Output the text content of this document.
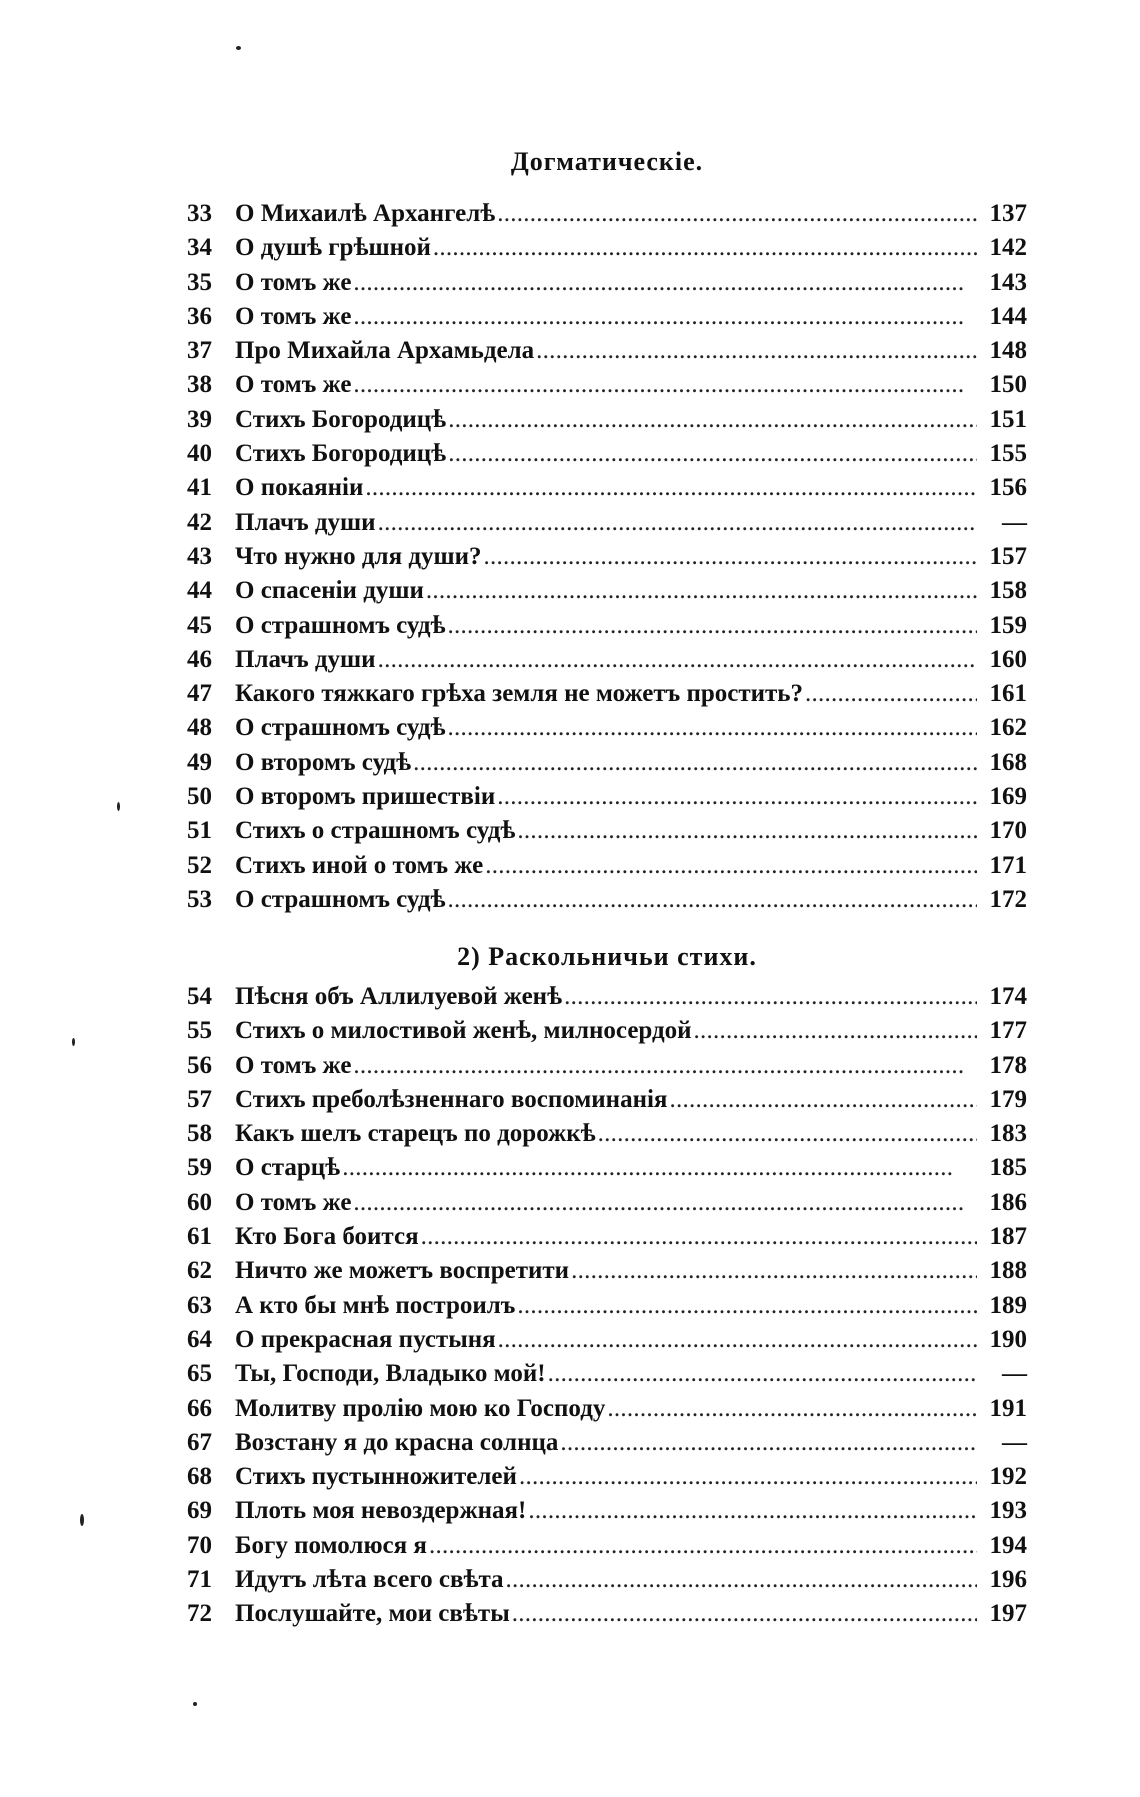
Догматическіе.
33 О Михаилѣ Архангелѣ . . .	137
34 О душѣ грѣшной . . .	142
35 О томъ же . . .	143
36 О томъ же . . .	144
37 Про Михайла Архамьдела . . .	148
38 О томъ же . . .	150
39 Стихъ Богородицѣ . . .	151
40 Стихъ Богородицѣ . . .	155
41 О покаяніи . . .	156
42 Плачъ души . . .	—
43 Что нужно для души? . . .	157
44 О спасеніи души . . .	158
45 О страшномъ судѣ . . .	159
46 Плачъ души . . .	160
47 Какого тяжкаго грѣха земля не можетъ простить? . . .	161
48 О страшномъ судѣ . . .	162
49 О второмъ судѣ . . .	168
50 О второмъ пришествіи . . .	169
51 Стихъ о страшномъ судѣ . . .	170
52 Стихъ иной о томъ же . . .	171
53 О страшномъ судѣ . . .	172
2) Раскольничьи стихи.
54 Пѣсня объ Аллилуевой женѣ . . .	174
55 Стихъ о милостивой женѣ, милносердой . . .	177
56 О томъ же . . .	178
57 Стихъ преболѣзненнаго воспоминанія . . .	179
58 Какъ шелъ старецъ по дорожкѣ . . .	183
59 О старцѣ . . .	185
60 О томъ же . . .	186
61 Кто Бога боится . . .	187
62 Ничто же можетъ воспретити . . .	188
63 А кто бы мнѣ построилъ . . .	189
64 О прекрасная пустыня . . .	190
65 Ты, Господи, Владыко мой! . . .	—
66 Молитву пролію мою ко Господу . . .	191
67 Возстану я до красна солнца . . .	—
68 Стихъ пустынножителей . . .	192
69 Плоть моя невоздержная! . . .	193
70 Богу помолюся я . . .	194
71 Идутъ лѣта всего свѣта . . .	196
72 Послушайте, мои свѣты . . .	197
